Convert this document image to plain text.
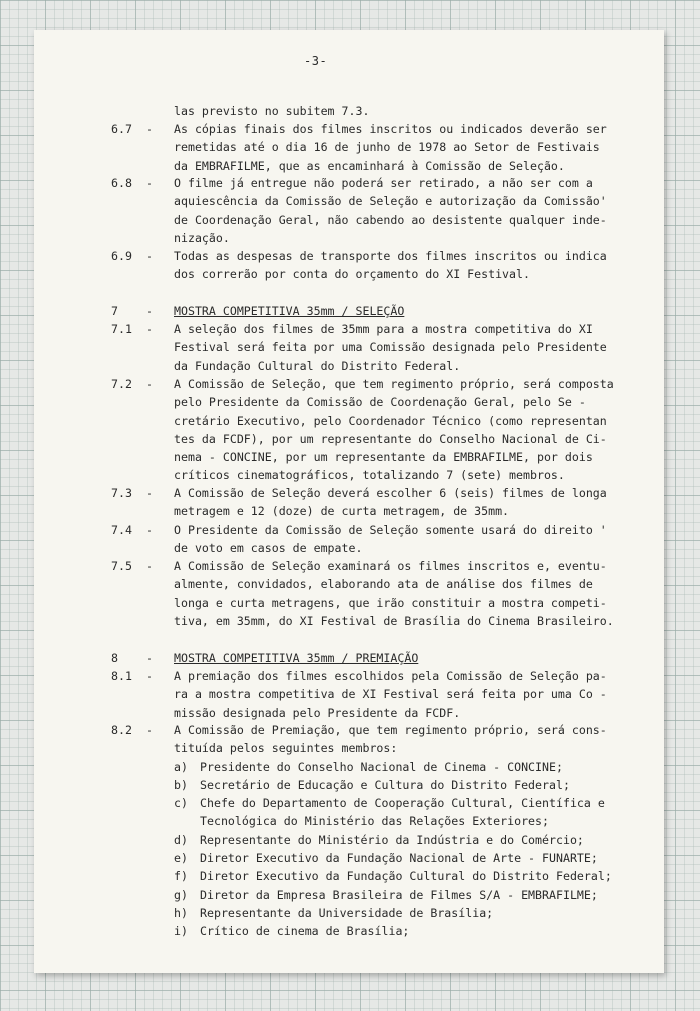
-3-
las previsto no subitem 7.3.
6.7 - As cópias finais dos filmes inscritos ou indicados deverão ser
remetidas até o dia 16 de junho de 1978 ao Setor de Festivais
da EMBRAFILME, que as encaminhará à Comissão de Seleção.
6.8 - O filme já entregue não poderá ser retirado, a não ser com a
aquiescência da Comissão de Seleção e autorização da Comissão'
de Coordenação Geral, não cabendo ao desistente qualquer inde-
nização.
6.9 - Todas as despesas de transporte dos filmes inscritos ou indica
dos correrão por conta do orçamento do XI Festival.
7 - MOSTRA COMPETITIVA 35mm / SELEÇÃO
7.1 - A seleção dos filmes de 35mm para a mostra competitiva do XI
Festival será feita por uma Comissão designada pelo Presidente
da Fundação Cultural do Distrito Federal.
7.2 - A Comissão de Seleção, que tem regimento próprio, será composta
pelo Presidente da Comissão de Coordenação Geral, pelo Se -
cretário Executivo, pelo Coordenador Técnico (como representan
tes da FCDF), por um representante do Conselho Nacional de Ci-
nema - CONCINE, por um representante da EMBRAFILME, por dois
críticos cinematográficos, totalizando 7 (sete) membros.
7.3 - A Comissão de Seleção deverá escolher 6 (seis) filmes de longa
metragem e 12 (doze) de curta metragem, de 35mm.
7.4 - O Presidente da Comissão de Seleção somente usará do direito '
de voto em casos de empate.
7.5 - A Comissão de Seleção examinará os filmes inscritos e, eventu-
almente, convidados, elaborando ata de análise dos filmes de
longa e curta metragens, que irão constituir a mostra competi-
tiva, em 35mm, do XI Festival de Brasília do Cinema Brasileiro.
8 - MOSTRA COMPETITIVA 35mm / PREMIAÇÃO
8.1 - A premiação dos filmes escolhidos pela Comissão de Seleção pa-
ra a mostra competitiva de XI Festival será feita por uma Co -
missão designada pelo Presidente da FCDF.
8.2 - A Comissão de Premiação, que tem regimento próprio, será cons-
tituída pelos seguintes membros:
a) Presidente do Conselho Nacional de Cinema - CONCINE;
b) Secretário de Educação e Cultura do Distrito Federal;
c) Chefe do Departamento de Cooperação Cultural, Científica e
Tecnológica do Ministério das Relações Exteriores;
d) Representante do Ministério da Indústria e do Comércio;
e) Diretor Executivo da Fundação Nacional de Arte - FUNARTE;
f) Diretor Executivo da Fundação Cultural do Distrito Federal;
g) Diretor da Empresa Brasileira de Filmes S/A - EMBRAFILME;
h) Representante da Universidade de Brasília;
i) Crítico de cinema de Brasília;
